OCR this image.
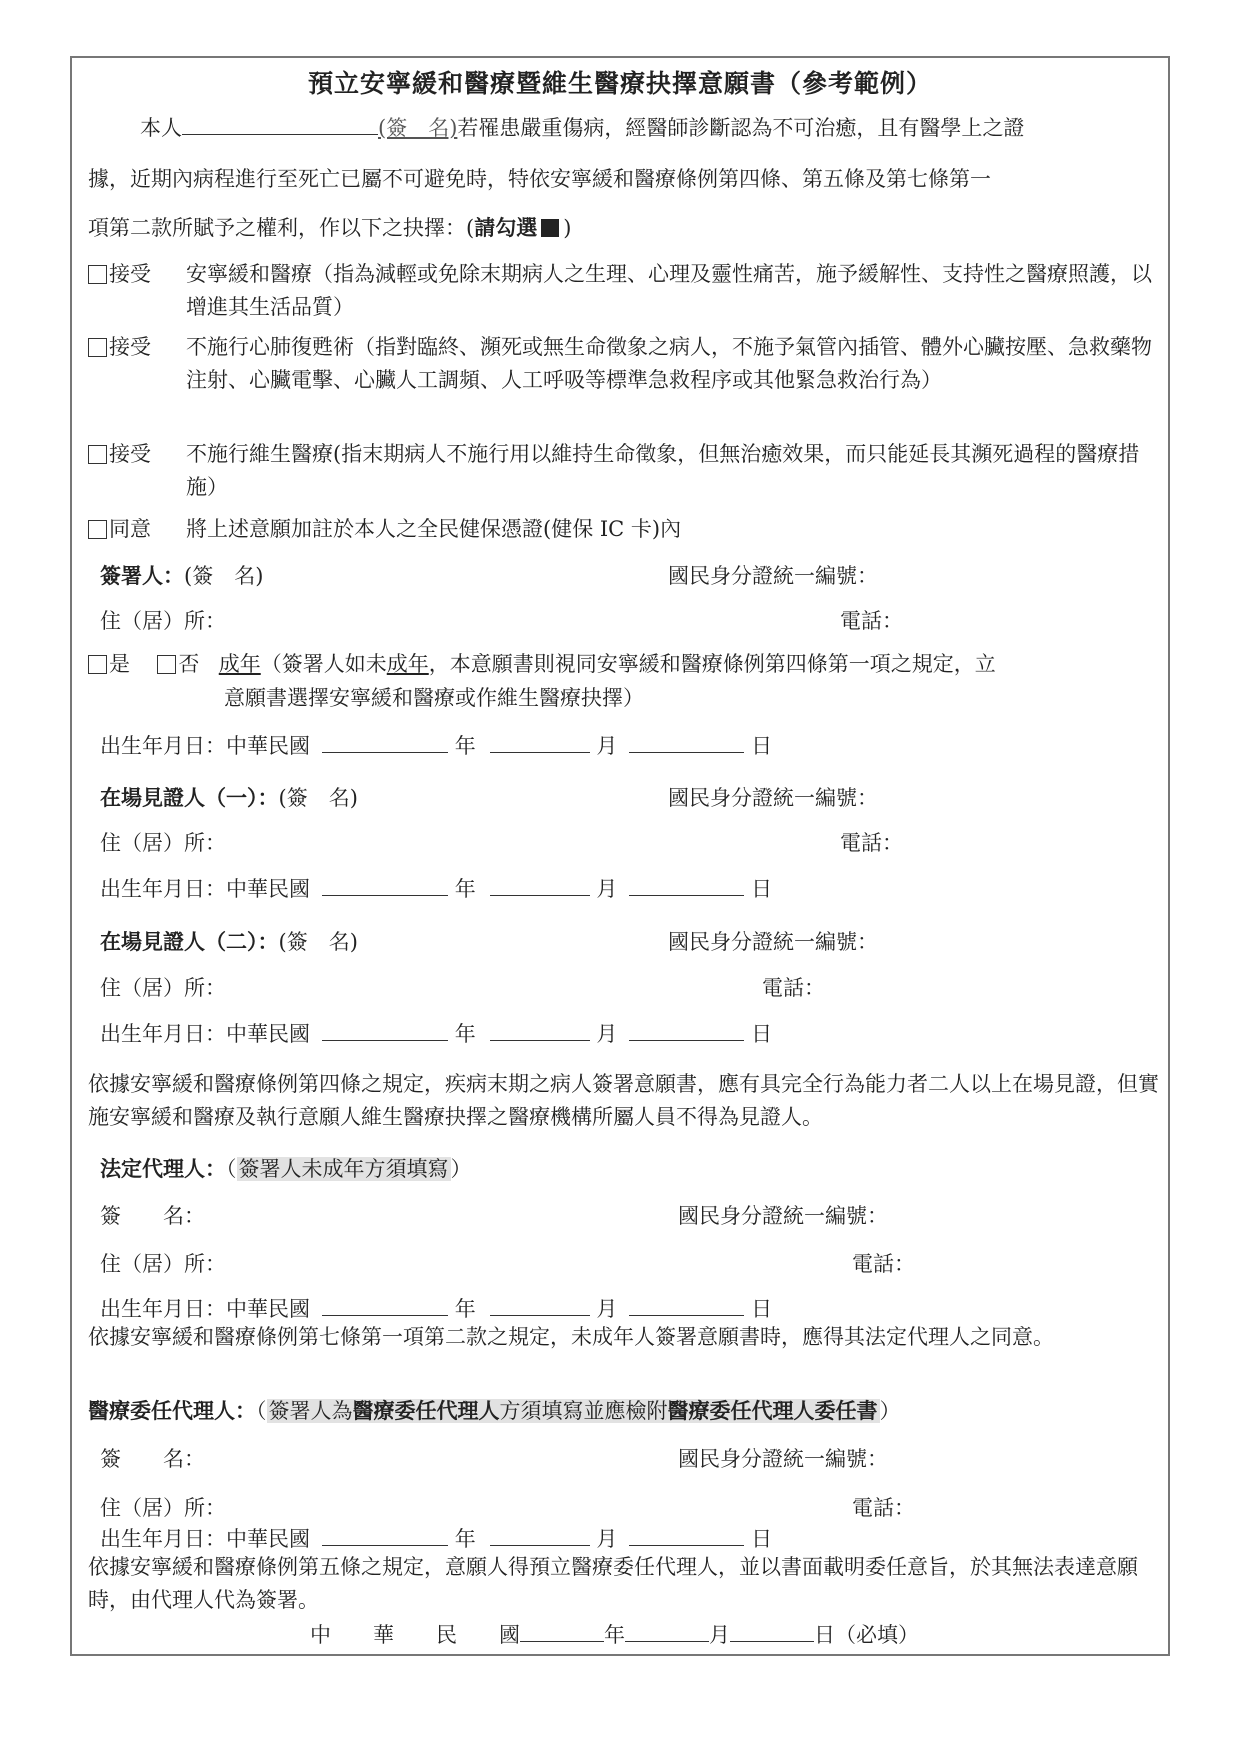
預立安寧緩和醫療暨維生醫療抉擇意願書（參考範例）
本人	(簽　名)若罹患嚴重傷病，經醫師診斷認為不可治癒，且有醫學上之證
據，近期內病程進行至死亡已屬不可避免時，特依安寧緩和醫療條例第四條、第五條及第七條第一
項第二款所賦予之權利，作以下之抉擇：(請勾選 )
接受 安寧緩和醫療（指為減輕或免除末期病人之生理、心理及靈性痛苦，施予緩解性、支持性之醫療照護，以增進其生活品質）
接受 不施行心肺復甦術（指對臨終、瀕死或無生命徵象之病人，不施予氣管內插管、體外心臟按壓、急救藥物注射、心臟電擊、心臟人工調頻、人工呼吸等標準急救程序或其他緊急救治行為）
接受 不施行維生醫療(指末期病人不施行用以維持生命徵象，但無治癒效果，而只能延長其瀕死過程的醫療措施）
同意 將上述意願加註於本人之全民健保憑證(健保 IC 卡)內
簽署人：(簽　名)	國民身分證統一編號：
住（居）所：	電話：
是 否 成年（簽署人如未成年，本意願書則視同安寧緩和醫療條例第四條第一項之規定，立
意願書選擇安寧緩和醫療或作維生醫療抉擇）
出生年月日：中華民國	年	月	日
在場見證人（一）：(簽　名)	國民身分證統一編號：
住（居）所：	電話：
出生年月日：中華民國	年	月	日
在場見證人（二）：(簽　名)	國民身分證統一編號：
住（居）所：	電話：
出生年月日：中華民國	年	月	日
依據安寧緩和醫療條例第四條之規定，疾病末期之病人簽署意願書，應有具完全行為能力者二人以上在場見證，但實施安寧緩和醫療及執行意願人維生醫療抉擇之醫療機構所屬人員不得為見證人。
法定代理人：（簽署人未成年方須填寫）
簽　　名：	國民身分證統一編號：
住（居）所：	電話：
出生年月日：中華民國	年	月	日
依據安寧緩和醫療條例第七條第一項第二款之規定，未成年人簽署意願書時，應得其法定代理人之同意。
醫療委任代理人：（簽署人為醫療委任代理人方須填寫並應檢附醫療委任代理人委任書）
簽　　名：	國民身分證統一編號：
住（居）所：	電話：
出生年月日：中華民國	年	月	日
依據安寧緩和醫療條例第五條之規定，意願人得預立醫療委任代理人，並以書面載明委任意旨，於其無法表達意願時，由代理人代為簽署。
中　　華　　民　　國	年	月	日（必填）
